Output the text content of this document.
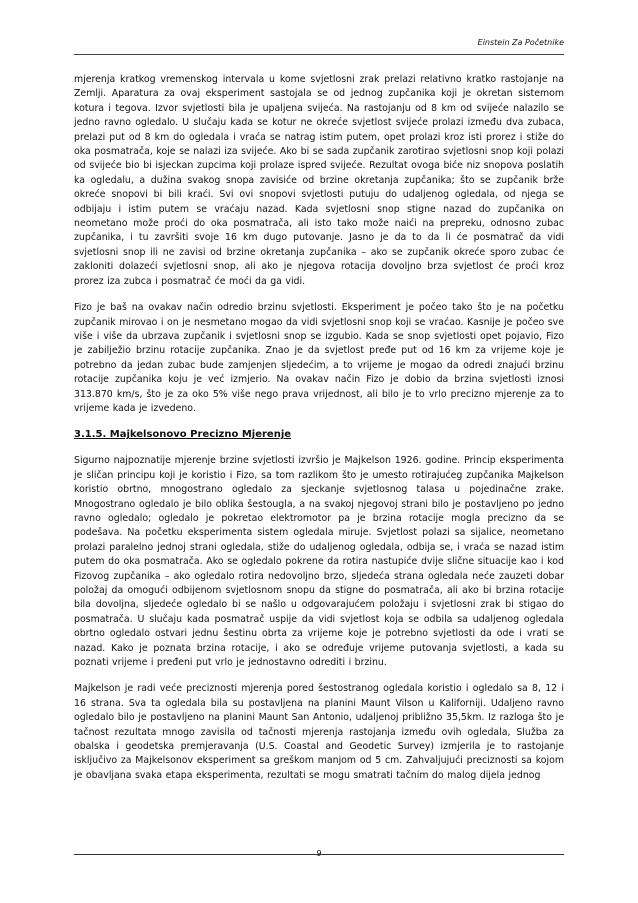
Einstein Za Početnike

mjerenja kratkog vremenskog intervala u kome svjetlosni zrak prelazi relativno kratko rastojanje na Zemlji. Aparatura za ovaj eksperiment sastojala se od jednog zupčanika koji je okretan sistemom kotura i tegova. Izvor svjetlosti bila je upaljena svijeća. Na rastojanju od 8 km od svijeće nalazilo se jedno ravno ogledalo. U slučaju kada se kotur ne okreće svjetlost svijeće prolazi između dva zubaca, prelazi put od 8 km do ogledala i vraća se natrag istim putem, opet prolazi kroz isti prorez i stiže do oka posmatrača, koje se nalazi iza svijeće. Ako bi se sada zupčanik zarotirao svjetlosni snop koji polazi od svijeće bio bi isjeckan zupcima koji prolaze ispred svijeće. Rezultat ovoga biće niz snopova poslatih ka ogledalu, a dužina svakog snopa zavisiće od brzine okretanja zupčanika; što se zupčanik brže okreće snopovi bi bili kraći. Svi ovi snopovi svjetlosti putuju do udaljenog ogledala, od njega se odbijaju i istim putem se vraćaju nazad. Kada svjetlosni snop stigne nazad do zupčanika on neometano može proći do oka posmatrača, ali isto tako može naići na prepreku, odnosno zubac zupčanika, i tu završiti svoje 16 km dugo putovanje. Jasno je da to da li će posmatrač da vidi svjetlosni snop ili ne zavisi od brzine okretanja zupčanika – ako se zupčanik okreće sporo zubac će zakloniti dolazeći svjetlosni snop, ali ako je njegova rotacija dovoljno brza svjetlost će proći kroz prorez iza zubca i posmatrač će moći da ga vidi.

Fizo je baš na ovakav način odredio brzinu svjetlosti. Eksperiment je počeo tako što je na početku zupčanik mirovao i on je nesmetano mogao da vidi svjetlosni snop koji se vraćao. Kasnije je počeo sve više i više da ubrzava zupčanik i svjetlosni snop se izgubio. Kada se snop svjetlosti opet pojavio, Fizo je zabilježio brzinu rotacije zupčanika. Znao je da svjetlost pređe put od 16 km za vrijeme koje je potrebno da jedan zubac bude zamjenjen sljedećim, a to vrijeme je mogao da odredi znajući brzinu rotacije zupčanika koju je već izmjerio. Na ovakav način Fizo je dobio da brzina svjetlosti iznosi 313.870 km/s, što je za oko 5% više nego prava vrijednost, ali bilo je to vrlo precizno mjerenje za to vrijeme kada je izvedeno.

3.1.5. Majkelsonovo Precizno Mjerenje

Sigurno najpoznatije mjerenje brzine svjetlosti izvršio je Majkelson 1926. godine. Princip eksperimenta je sličan principu koji je koristio i Fizo, sa tom razlikom što je umesto rotirajućeg zupčanika Majkelson koristio obrtno, mnogostrano ogledalo za sjeckanje svjetlosnog talasa u pojedinačne zrake. Mnogostrano ogledalo je bilo oblika šestougla, a na svakoj njegovoj strani bilo je postavljeno po jedno ravno ogledalo; ogledalo je pokretao elektromotor pa je brzina rotacije mogla precizno da se podešava. Na početku eksperimenta sistem ogledala miruje. Svjetlost polazi sa sijalice, neometano prolazi paralelno jednoj strani ogledala, stiže do udaljenog ogledala, odbija se, i vraća se nazad istim putem do oka posmatrača. Ako se ogledalo pokrene da rotira nastupiće dvije slične situacije kao i kod Fizovog zupčanika – ako ogledalo rotira nedovoljno brzo, sljedeća strana ogledala neće zauzeti dobar položaj da omogući odbijenom svjetlosnom snopu da stigne do posmatrača, ali ako bi brzina rotacije bila dovoljna, sljedeće ogledalo bi se našlo u odgovarajućem položaju i svjetlosni zrak bi stigao do posmatrača. U slučaju kada posmatrač uspije da vidi svjetlost koja se odbila sa udaljenog ogledala obrtno ogledalo ostvari jednu šestinu obrta za vrijeme koje je potrebno svjetlosti da ode i vrati se nazad. Kako je poznata brzina rotacije, i ako se određuje vrijeme putovanja svjetlosti, a kada su poznati vrijeme i pređeni put vrlo je jednostavno odrediti i brzinu.

Majkelson je radi veće preciznosti mjerenja pored šestostranog ogledala koristio i ogledalo sa 8, 12 i 16 strana. Sva ta ogledala bila su postavljena na planini Maunt Vilson u Kaliforniji. Udaljeno ravno ogledalo bilo je postavljeno na planini Maunt San Antonio, udaljenoj približno 35,5km. Iz razloga što je tačnost rezultata mnogo zavisila od tačnosti mjerenja rastojanja između ovih ogledala, Služba za obalska i geodetska premjeravanja (U.S. Coastal and Geodetic Survey) izmjerila je to rastojanje isključivo za Majkelsonov eksperiment sa greškom manjom od 5 cm. Zahvaljujući preciznosti sa kojom je obavljana svaka etapa eksperimenta, rezultati se mogu smatrati tačnim do malog dijela jednog

9
